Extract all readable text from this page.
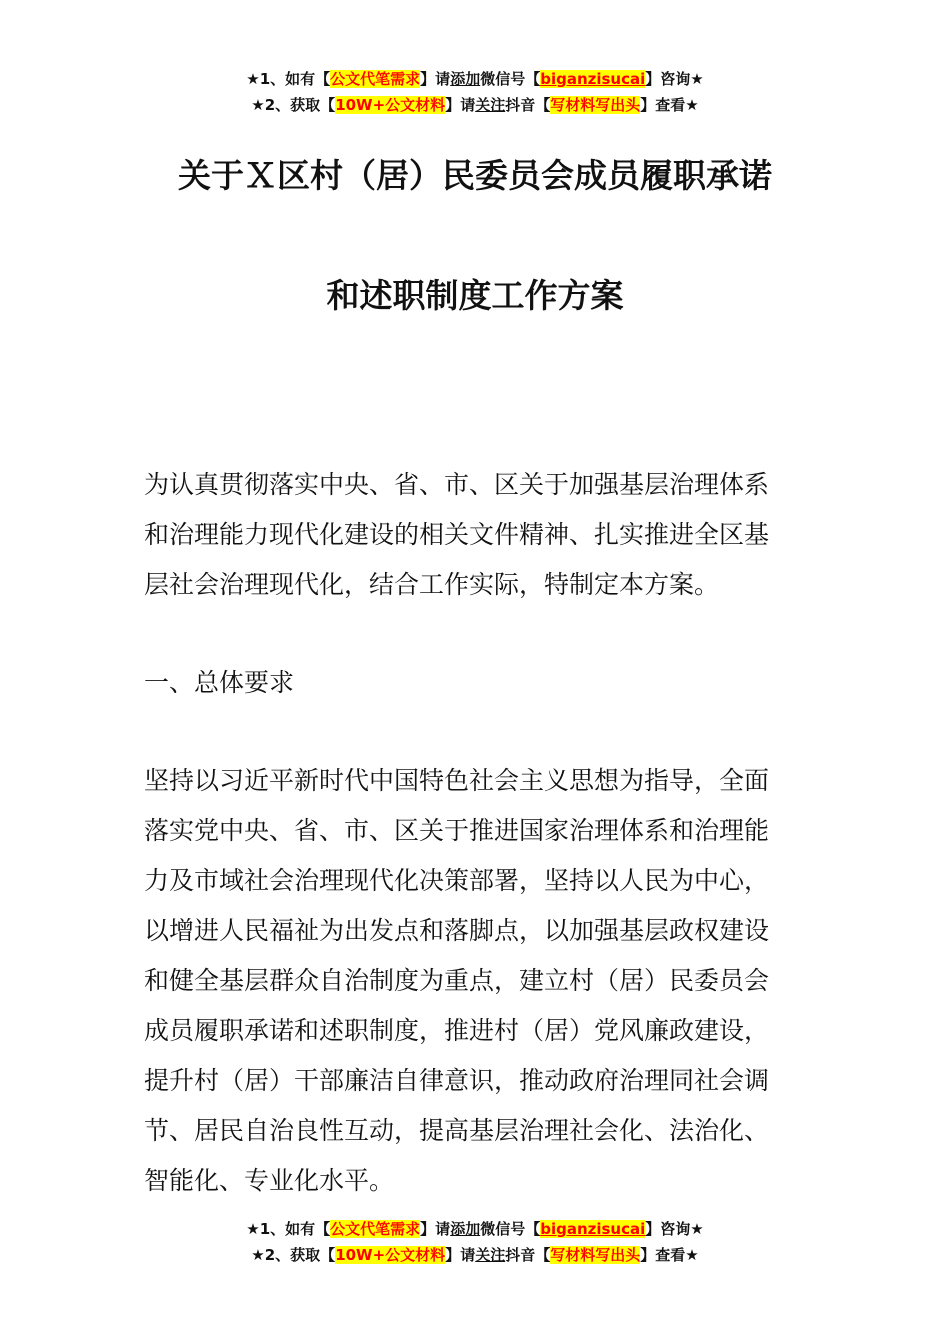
★1、如有【公文代笔需求】请添加微信号【biganzisucai】咨询★
★2、获取【10W+公文材料】请关注抖音【写材料写出头】查看★
关于Ｘ区村（居）民委员会成员履职承诺
和述职制度工作方案
为认真贯彻落实中央、省、市、区关于加强基层治理体系
和治理能力现代化建设的相关文件精神、扎实推进全区基
层社会治理现代化，结合工作实际，特制定本方案。
一、总体要求
坚持以习近平新时代中国特色社会主义思想为指导，全面
落实党中央、省、市、区关于推进国家治理体系和治理能
力及市域社会治理现代化决策部署，坚持以人民为中心，
以增进人民福祉为出发点和落脚点，以加强基层政权建设
和健全基层群众自治制度为重点，建立村（居）民委员会
成员履职承诺和述职制度，推进村（居）党风廉政建设，
提升村（居）干部廉洁自律意识，推动政府治理同社会调
节、居民自治良性互动，提高基层治理社会化、法治化、
智能化、专业化水平。
★1、如有【公文代笔需求】请添加微信号【biganzisucai】咨询★
★2、获取【10W+公文材料】请关注抖音【写材料写出头】查看★
